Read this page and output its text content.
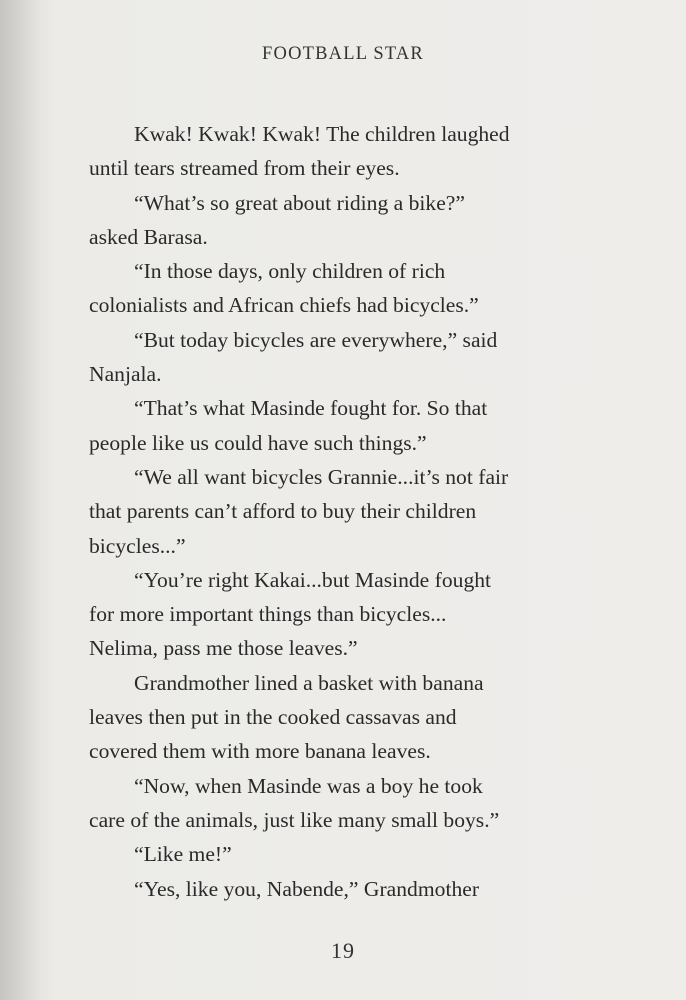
FOOTBALL STAR
Kwak! Kwak! Kwak! The children laughed
until tears streamed from their eyes.
“What’s so great about riding a bike?”
asked Barasa.
“In those days, only children of rich
colonialists and African chiefs had bicycles.”
“But today bicycles are everywhere,” said
Nanjala.
“That’s what Masinde fought for. So that
people like us could have such things.”
“We all want bicycles Grannie...it’s not fair
that parents can’t afford to buy their children
bicycles...”
“You’re right Kakai...but Masinde fought
for more important things than bicycles...
Nelima, pass me those leaves.”
Grandmother lined a basket with banana
leaves then put in the cooked cassavas and
covered them with more banana leaves.
“Now, when Masinde was a boy he took
care of the animals, just like many small boys.”
“Like me!”
“Yes, like you, Nabende,” Grandmother
19
